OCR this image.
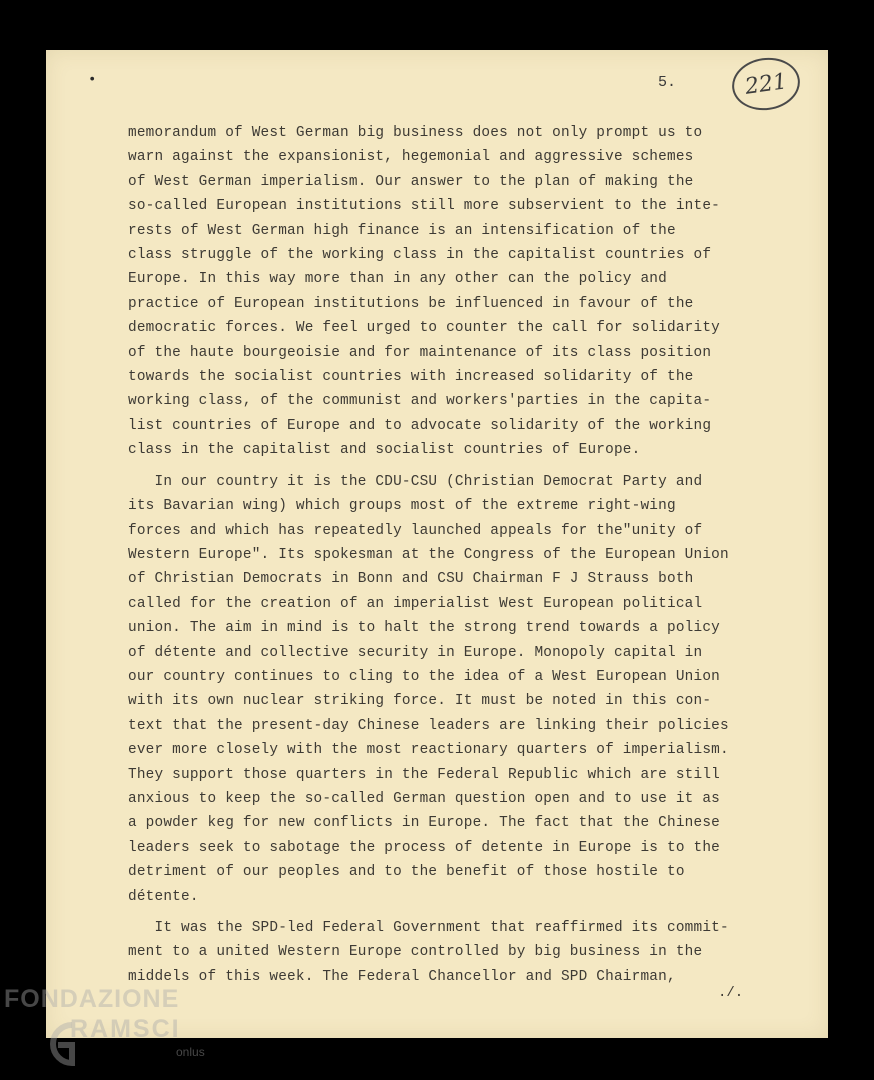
•	5.	221

memorandum of West German big business does not only prompt us to
warn against the expansionist, hegemonial and aggressive schemes
of West German imperialism. Our answer to the plan of making the
so-called European institutions still more subservient to the inte-
rests of West German high finance is an intensification of the
class struggle of the working class in the capitalist countries of
Europe. In this way more than in any other can the policy and
practice of European institutions be influenced in favour of the
democratic forces. We feel urged to counter the call for solidarity
of the haute bourgeoisie and for maintenance of its class position
towards the socialist countries with increased solidarity of the
working class, of the communist and workers'parties in the capita-
list countries of Europe and to advocate solidarity of the working
class in the capitalist and socialist countries of Europe.

In our country it is the CDU-CSU (Christian Democrat Party and
its Bavarian wing) which groups most of the extreme right-wing
forces and which has repeatedly launched appeals for the"unity of
Western Europe". Its spokesman at the Congress of the European Union
of Christian Democrats in Bonn and CSU Chairman F J Strauss both
called for the creation of an imperialist West European political
union. The aim in mind is to halt the strong trend towards a policy
of détente and collective security in Europe. Monopoly capital in
our country continues to cling to the idea of a West European Union
with its own nuclear striking force. It must be noted in this con-
text that the present-day Chinese leaders are linking their policies
ever more closely with the most reactionary quarters of imperialism.
They support those quarters in the Federal Republic which are still
anxious to keep the so-called German question open and to use it as
a powder keg for new conflicts in Europe. The fact that the Chinese
leaders seek to sabotage the process of detente in Europe is to the
detriment of our peoples and to the benefit of those hostile to
détente.

It was the SPD-led Federal Government that reaffirmed its commit-
ment to a united Western Europe controlled by big business in the
middels of this week. The Federal Chancellor and SPD Chairman,

./.
FONDAZIONE
RAMSCI
onlus
